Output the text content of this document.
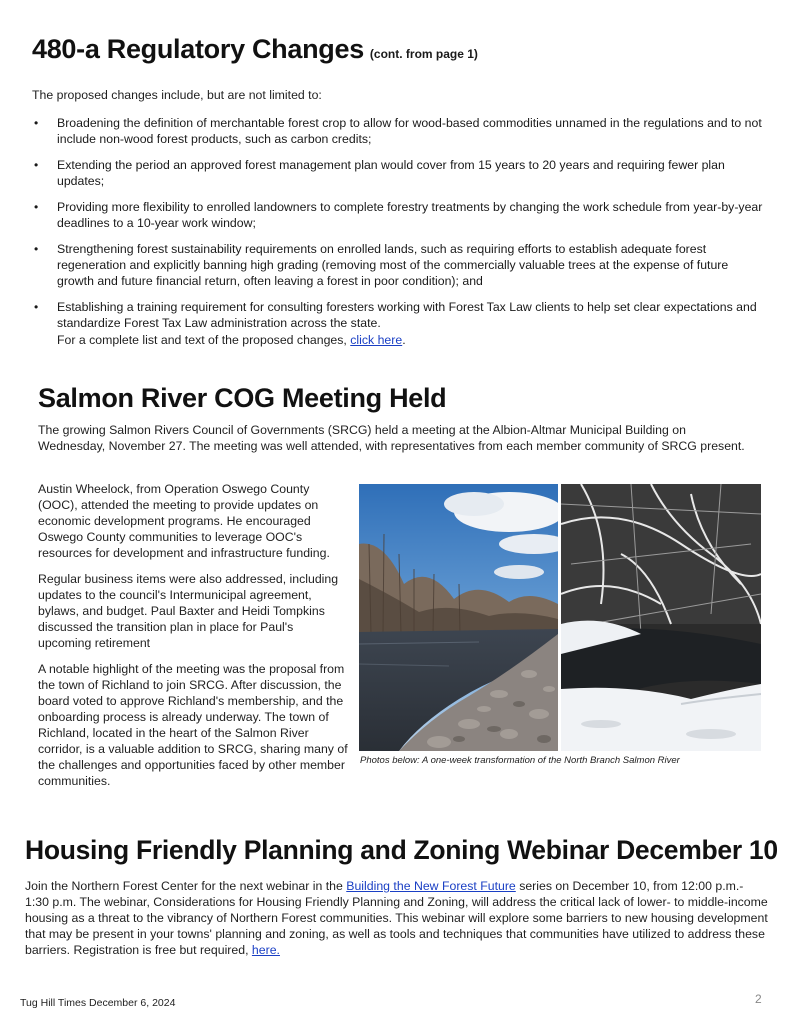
480-a Regulatory Changes (cont. from page 1)
The proposed changes include, but are not limited to:
• Broadening the definition of merchantable forest crop to allow for wood-based commodities unnamed in the regulations and to not include non-wood forest products, such as carbon credits;
• Extending the period an approved forest management plan would cover from 15 years to 20 years and requiring fewer plan updates;
• Providing more flexibility to enrolled landowners to complete forestry treatments by changing the work schedule from year-by-year deadlines to a 10-year work window;
• Strengthening forest sustainability requirements on enrolled lands, such as requiring efforts to establish adequate forest regeneration and explicitly banning high grading (removing most of the commercially valuable trees at the expense of future growth and future financial return, often leaving a forest in poor condition); and
• Establishing a training requirement for consulting foresters working with Forest Tax Law clients to help set clear expectations and standardize Forest Tax Law administration across the state.
For a complete list and text of the proposed changes, click here.
Salmon River COG Meeting Held
The growing Salmon Rivers Council of Governments (SRCG) held a meeting at the Albion-Altmar Municipal Building on Wednesday, November 27. The meeting was well attended, with representatives from each member community of SRCG present.
Austin Wheelock, from Operation Oswego County (OOC), attended the meeting to provide updates on economic development programs. He encouraged Oswego County communities to leverage OOC's resources for development and infrastructure funding.
Regular business items were also addressed, including updates to the council's Intermunicipal agreement, bylaws, and budget. Paul Baxter and Heidi Tompkins discussed the transition plan in place for Paul's upcoming retirement
A notable highlight of the meeting was the proposal from the town of Richland to join SRCG. After discussion, the board voted to approve Richland's membership, and the onboarding process is already underway. The town of Richland, located in the heart of the Salmon River corridor, is a valuable addition to SRCG, sharing many of the challenges and opportunities faced by other member communities.
Photos below: A one-week transformation of the North Branch Salmon River
Housing Friendly Planning and Zoning Webinar December 10
Join the Northern Forest Center for the next webinar in the Building the New Forest Future series on December 10, from 12:00 p.m.- 1:30 p.m. The webinar, Considerations for Housing Friendly Planning and Zoning, will address the critical lack of lower- to middle-income housing as a threat to the vibrancy of Northern Forest communities. This webinar will explore some barriers to new housing development that may be present in your towns' planning and zoning, as well as tools and techniques that communities have utilized to address these barriers. Registration is free but required, here.
Tug Hill Times December 6, 2024	2
